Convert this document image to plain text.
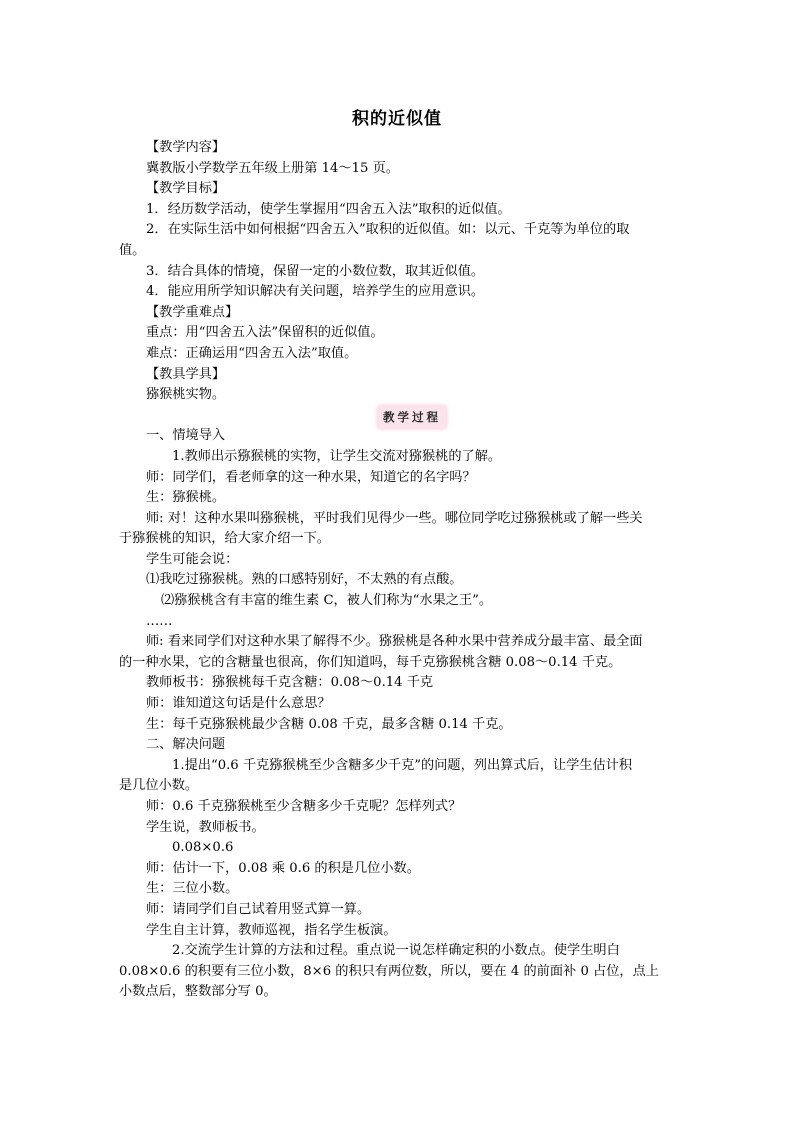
积的近似值
【教学内容】
冀教版小学数学五年级上册第 14～15 页。
【教学目标】
1．经历数学活动，使学生掌握用“四舍五入法”取积的近似值。
2．在实际生活中如何根据“四舍五入”取积的近似值。如：以元、千克等为单位的取
值。
3．结合具体的情境，保留一定的小数位数，取其近似值。
4．能应用所学知识解决有关问题，培养学生的应用意识。
【教学重难点】
重点：用“四舍五入法”保留积的近似值。
难点：正确运用“四舍五入法”取值。
【教具学具】
猕猴桃实物。
教学过程
一、情境导入
1.教师出示猕猴桃的实物，让学生交流对猕猴桃的了解。
师：同学们，看老师拿的这一种水果，知道它的名字吗？
生：猕猴桃。
师: 对！这种水果叫猕猴桃，平时我们见得少一些。哪位同学吃过猕猴桃或了解一些关
于猕猴桃的知识，给大家介绍一下。
学生可能会说：
⑴我吃过猕猴桃。熟的口感特别好，不太熟的有点酸。
⑵猕猴桃含有丰富的维生素 C，被人们称为“水果之王”。
……
师: 看来同学们对这种水果了解得不少。猕猴桃是各种水果中营养成分最丰富、最全面
的一种水果，它的含糖量也很高，你们知道吗，每千克猕猴桃含糖 0.08～0.14 千克。
教师板书：猕猴桃每千克含糖：0.08～0.14 千克
师：谁知道这句话是什么意思？
生：每千克猕猴桃最少含糖 0.08 千克，最多含糖 0.14 千克。
二、解决问题
1.提出“0.6 千克猕猴桃至少含糖多少千克”的问题，列出算式后，让学生估计积
是几位小数。
师：0.6 千克猕猴桃至少含糖多少千克呢？怎样列式？
学生说，教师板书。
0.08×0.6
师：估计一下，0.08 乘 0.6 的积是几位小数。
生：三位小数。
师：请同学们自己试着用竖式算一算。
学生自主计算，教师巡视，指名学生板演。
2.交流学生计算的方法和过程。重点说一说怎样确定积的小数点。使学生明白
0.08×0.6 的积要有三位小数，8×6 的积只有两位数，所以，要在 4 的前面补 0 占位，点上
小数点后，整数部分写 0。
